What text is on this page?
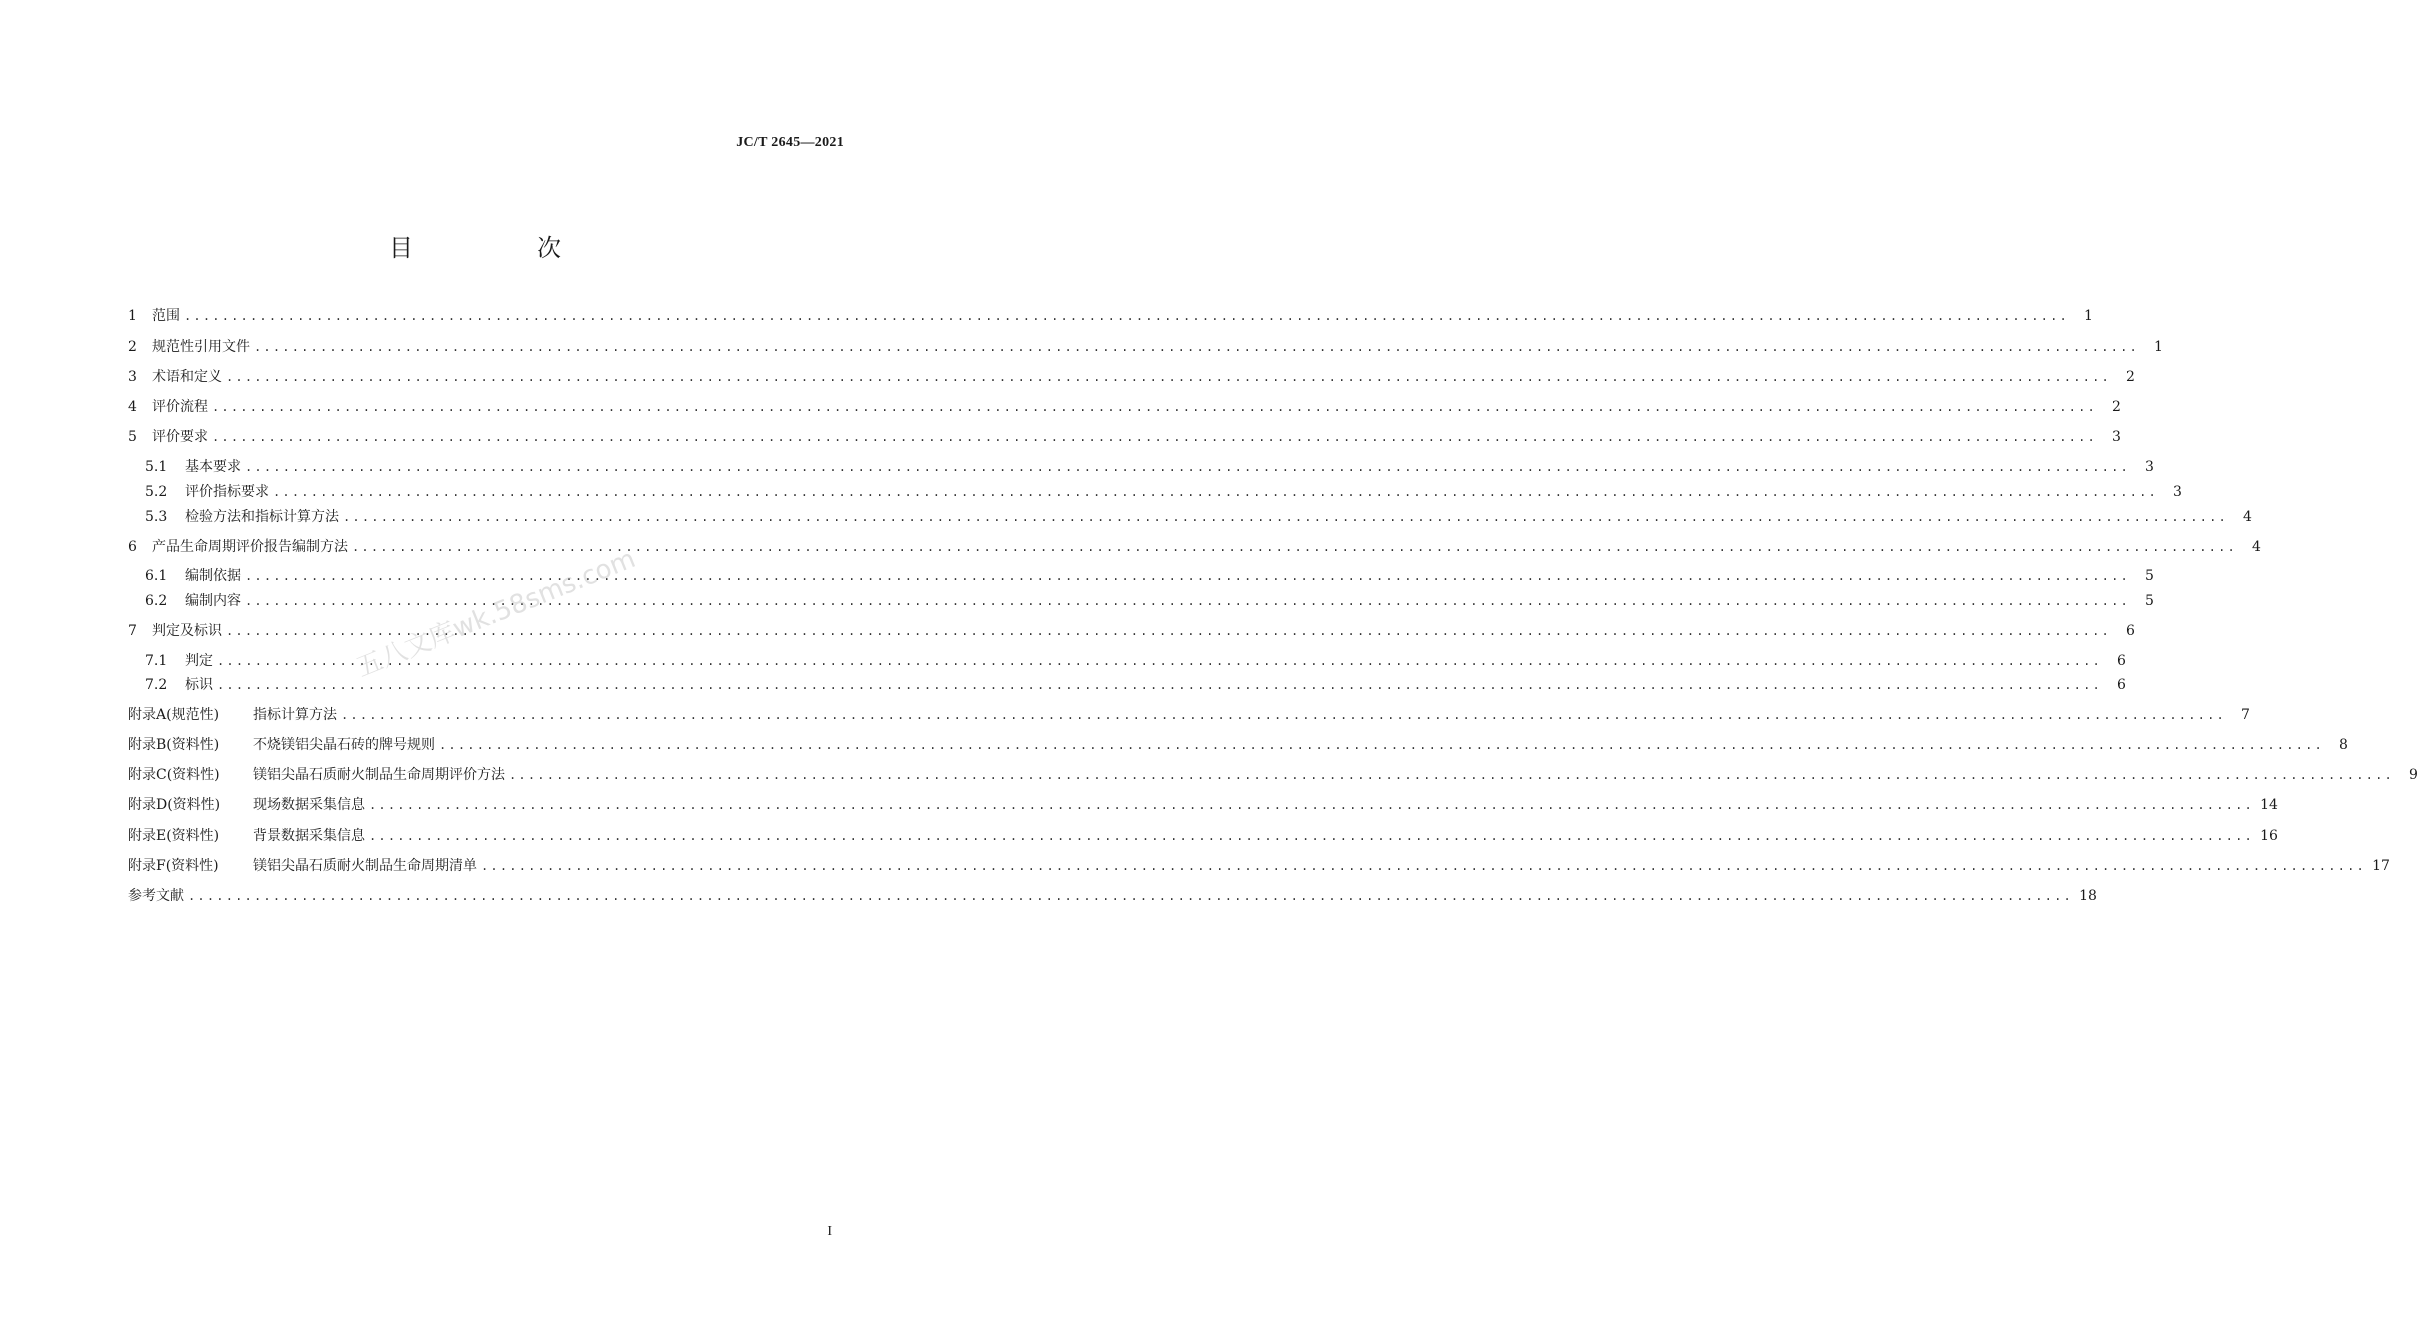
JC/T 2645—2021
目　次
1	范围 ........................................................................................................................................................................................................	1
2	规范性引用文件 ........................................................................................................................................................................................................	1
3	术语和定义 ........................................................................................................................................................................................................	2
4	评价流程 ........................................................................................................................................................................................................	2
5	评价要求 ........................................................................................................................................................................................................	3
5.1	基本要求 ........................................................................................................................................................................................................	3
5.2	评价指标要求 ........................................................................................................................................................................................................	3
5.3	检验方法和指标计算方法 ........................................................................................................................................................................................................	4
6	产品生命周期评价报告编制方法 ........................................................................................................................................................................................................	4
6.1	编制依据 ........................................................................................................................................................................................................	5
6.2	编制内容 ........................................................................................................................................................................................................	5
7	判定及标识 ........................................................................................................................................................................................................	6
7.1	判定 ........................................................................................................................................................................................................	6
7.2	标识 ........................................................................................................................................................................................................	6
附录A(规范性)	指标计算方法 ........................................................................................................................................................................................................	7
附录B(资料性)	不烧镁铝尖晶石砖的牌号规则 ........................................................................................................................................................................................................	8
附录C(资料性)	镁铝尖晶石质耐火制品生命周期评价方法 ........................................................................................................................................................................................................	9
附录D(资料性)	现场数据采集信息 ........................................................................................................................................................................................................ 14
附录E(资料性)	背景数据采集信息 ........................................................................................................................................................................................................ 16
附录F(资料性)	镁铝尖晶石质耐火制品生命周期清单 ........................................................................................................................................................................................................ 17
参考文献 ........................................................................................................................................................................................................ 18
五八文库wk.58sms.com
I
